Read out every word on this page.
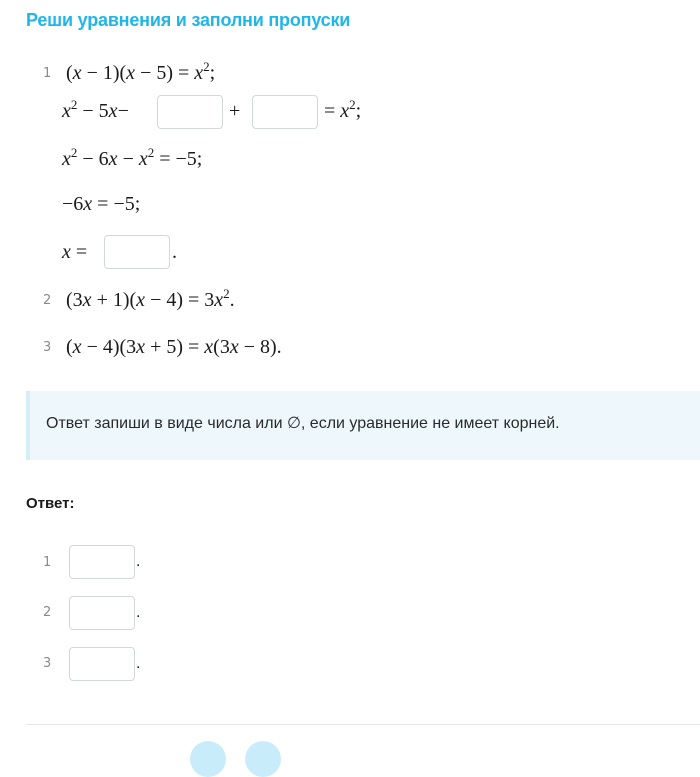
Реши уравнения и заполни пропуски
1 $(x - 1)(x - 5) = x^2$;
$x^2 - 5x-$	+	= $x^2$;
$x^2 - 6x - x^2 = -5$;
−6x = −5;
x =	.
2 $(3x + 1)(x - 4) = 3x^2$.
3 (x − 4)(3x + 5) = x(3x − 8).
Ответ запиши в виде числа или ∅, если уравнение не имеет корней.
Ответ:
1	.
2	.
3	.
